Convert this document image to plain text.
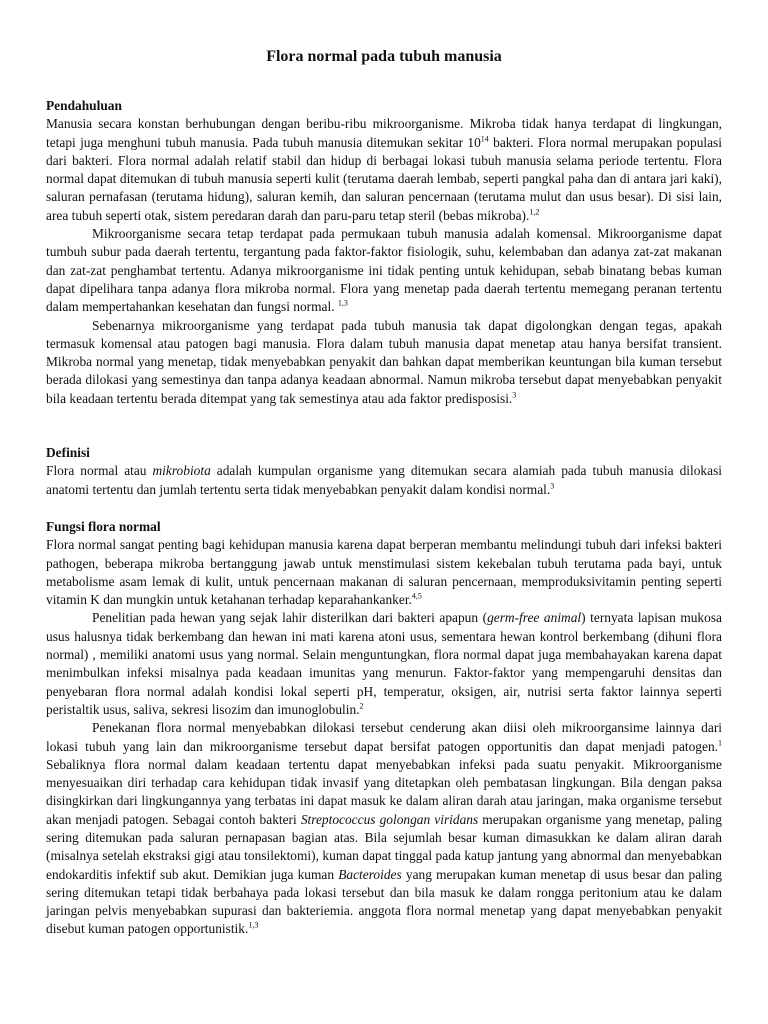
Flora normal pada tubuh manusia
Pendahuluan

Manusia secara konstan berhubungan dengan beribu-ribu mikroorganisme. Mikroba tidak hanya terdapat di lingkungan, tetapi juga menghuni tubuh manusia. Pada tubuh manusia ditemukan sekitar $10^{14}$ bakteri. Flora normal merupakan populasi dari bakteri. Flora normal adalah relatif stabil dan hidup di berbagai lokasi tubuh manusia selama periode tertentu. Flora normal dapat ditemukan di tubuh manusia seperti kulit (terutama daerah lembab, seperti pangkal paha dan di antara jari kaki), saluran pernafasan (terutama hidung), saluran kemih, dan saluran pencernaan (terutama mulut dan usus besar). Di sisi lain, area tubuh seperti otak, sistem peredaran darah dan paru-paru tetap steril (bebas mikroba).$^{1,2}$

Mikroorganisme secara tetap terdapat pada permukaan tubuh manusia adalah komensal. Mikroorganisme dapat tumbuh subur pada daerah tertentu, tergantung pada faktor-faktor fisiologik, suhu, kelembaban dan adanya zat-zat makanan dan zat-zat penghambat tertentu. Adanya mikroorganisme ini tidak penting untuk kehidupan, sebab binatang bebas kuman dapat dipelihara tanpa adanya flora mikroba normal. Flora yang menetap pada daerah tertentu memegang peranan tertentu dalam mempertahankan kesehatan dan fungsi normal. $^{1,3}$

Sebenarnya mikroorganisme yang terdapat pada tubuh manusia tak dapat digolongkan dengan tegas, apakah termasuk komensal atau patogen bagi manusia. Flora dalam tubuh manusia dapat menetap atau hanya bersifat transient. Mikroba normal yang menetap, tidak menyebabkan penyakit dan bahkan dapat memberikan keuntungan bila kuman tersebut berada dilokasi yang semestinya dan tanpa adanya keadaan abnormal. Namun mikroba tersebut dapat menyebabkan penyakit bila keadaan tertentu berada ditempat yang tak semestinya atau ada faktor predisposisi.$^3$

Definisi

Flora normal atau mikrobiota adalah kumpulan organisme yang ditemukan secara alamiah pada tubuh manusia dilokasi anatomi tertentu dan jumlah tertentu serta tidak menyebabkan penyakit dalam kondisi normal.$^3$

Fungsi flora normal

Flora normal sangat penting bagi kehidupan manusia karena dapat berperan membantu melindungi tubuh dari infeksi bakteri pathogen, beberapa mikroba bertanggung jawab untuk menstimulasi sistem kekebalan tubuh terutama pada bayi, untuk metabolisme asam lemak di kulit, untuk pencernaan makanan di saluran pencernaan, memproduksivitamin penting seperti vitamin K dan mungkin untuk ketahanan terhadap keparahankanker.$^{4,5}$

Penelitian pada hewan yang sejak lahir disterilkan dari bakteri apapun (germ-free animal) ternyata lapisan mukosa usus halusnya tidak berkembang dan hewan ini mati karena atoni usus, sementara hewan kontrol berkembang (dihuni flora normal) , memiliki anatomi usus yang normal. Selain menguntungkan, flora normal dapat juga membahayakan karena dapat menimbulkan infeksi misalnya pada keadaan imunitas yang menurun. Faktor-faktor yang mempengaruhi densitas dan penyebaran flora normal adalah kondisi lokal seperti pH, temperatur, oksigen, air, nutrisi serta faktor lainnya seperti peristaltik usus, saliva, sekresi lisozim dan imunoglobulin.$^2$

Penekanan flora normal menyebabkan dilokasi tersebut cenderung akan diisi oleh mikroorgansime lainnya dari lokasi tubuh yang lain dan mikroorganisme tersebut dapat bersifat patogen opportunitis dan dapat menjadi patogen.$^1$ Sebaliknya flora normal dalam keadaan tertentu dapat menyebabkan infeksi pada suatu penyakit. Mikroorganisme menyesuaikan diri terhadap cara kehidupan tidak invasif yang ditetapkan oleh pembatasan lingkungan. Bila dengan paksa disingkirkan dari lingkungannya yang terbatas ini dapat masuk ke dalam aliran darah atau jaringan, maka organisme tersebut akan menjadi patogen. Sebagai contoh bakteri Streptococcus golongan viridans merupakan organisme yang menetap, paling sering ditemukan pada saluran pernapasan bagian atas. Bila sejumlah besar kuman dimasukkan ke dalam aliran darah (misalnya setelah ekstraksi gigi atau tonsilektomi), kuman dapat tinggal pada katup jantung yang abnormal dan menyebabkan endokarditis infektif sub akut. Demikian juga kuman Bacteroides yang merupakan kuman menetap di usus besar dan paling sering ditemukan tetapi tidak berbahaya pada lokasi tersebut dan bila masuk ke dalam rongga peritonium atau ke dalam jaringan pelvis menyebabkan supurasi dan bakteriemia. anggota flora normal menetap yang dapat menyebabkan penyakit disebut kuman patogen opportunistik.$^{1,3}$
